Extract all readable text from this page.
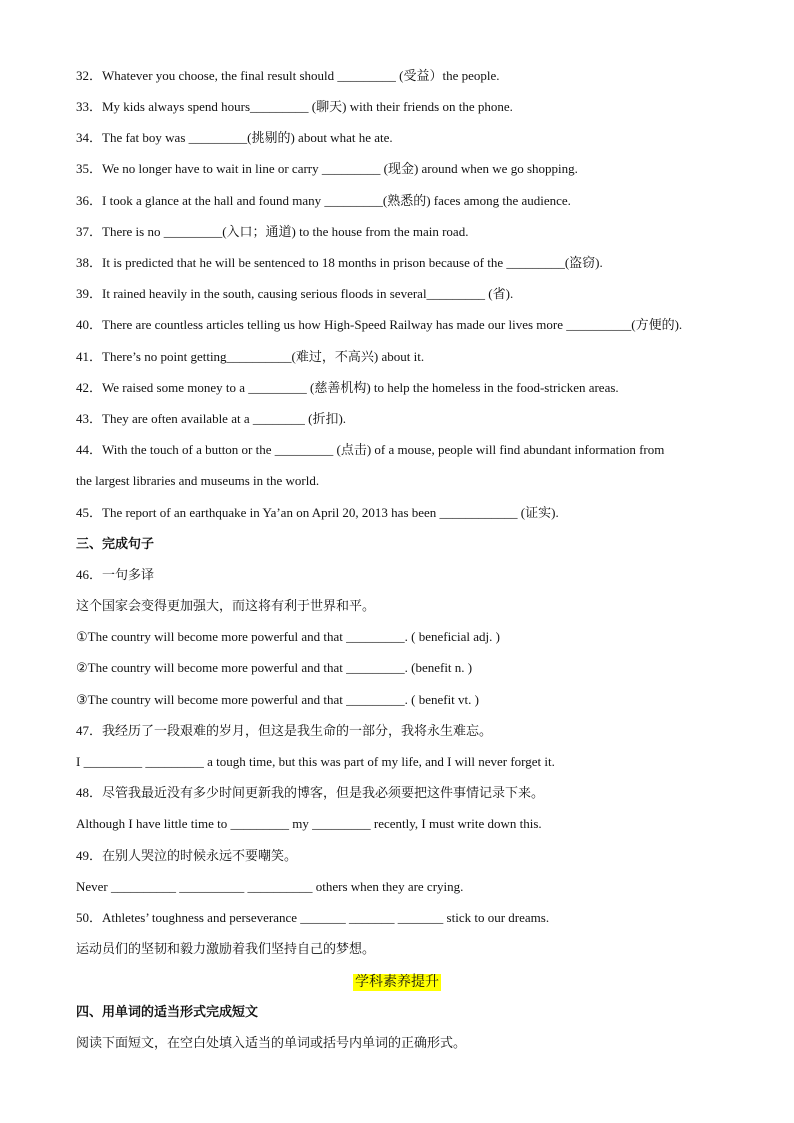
32．Whatever you choose, the final result should _________ (受益）the people.
33．My kids always spend hours_________ (聊天) with their friends on the phone.
34．The fat boy was _________(挑剔的) about what he ate.
35．We no longer have to wait in line or carry _________ (现金) around when we go shopping.
36．I took a glance at the hall and found many _________(熟悉的) faces among the audience.
37．There is no _________(入口；通道) to the house from the main road.
38．It is predicted that he will be sentenced to 18 months in prison because of the _________(盗窃).
39．It rained heavily in the south, causing serious floods in several_________ (省).
40．There are countless articles telling us how High-Speed Railway has made our lives more __________(方便的).
41．There’s no point getting__________(难过，不高兴) about it.
42．We raised some money to a _________ (慈善机构) to help the homeless in the food-stricken areas.
43．They are often available at a ________ (折扣).
44．With the touch of a button or the _________ (点击) of a mouse, people will find abundant information from
the largest libraries and museums in the world.
45．The report of an earthquake in Ya’an on April 20, 2013 has been ____________ (证实).
三、完成句子
46．一句多译
这个国家会变得更加强大，而这将有利于世界和平。
①The country will become more powerful and that _________. ( beneficial adj. )
②The country will become more powerful and that _________. (benefit n. )
③The country will become more powerful and that _________. ( benefit vt. )
47．我经历了一段艰难的岁月，但这是我生命的一部分，我将永生难忘。
I _________ _________ a tough time, but this was part of my life, and I will never forget it.
48．尽管我最近没有多少时间更新我的博客，但是我必须要把这件事情记录下来。
Although I have little time to _________ my _________ recently, I must write down this.
49．在别人哭泣的时候永远不要嘲笑。
Never __________ __________ __________ others when they are crying.
50．Athletes’ toughness and perseverance _______ _______ _______ stick to our dreams.
运动员们的坚韧和毅力激励着我们坚持自己的梦想。
学科素养提升
四、用单词的适当形式完成短文
阅读下面短文，在空白处填入适当的单词或括号内单词的正确形式。
